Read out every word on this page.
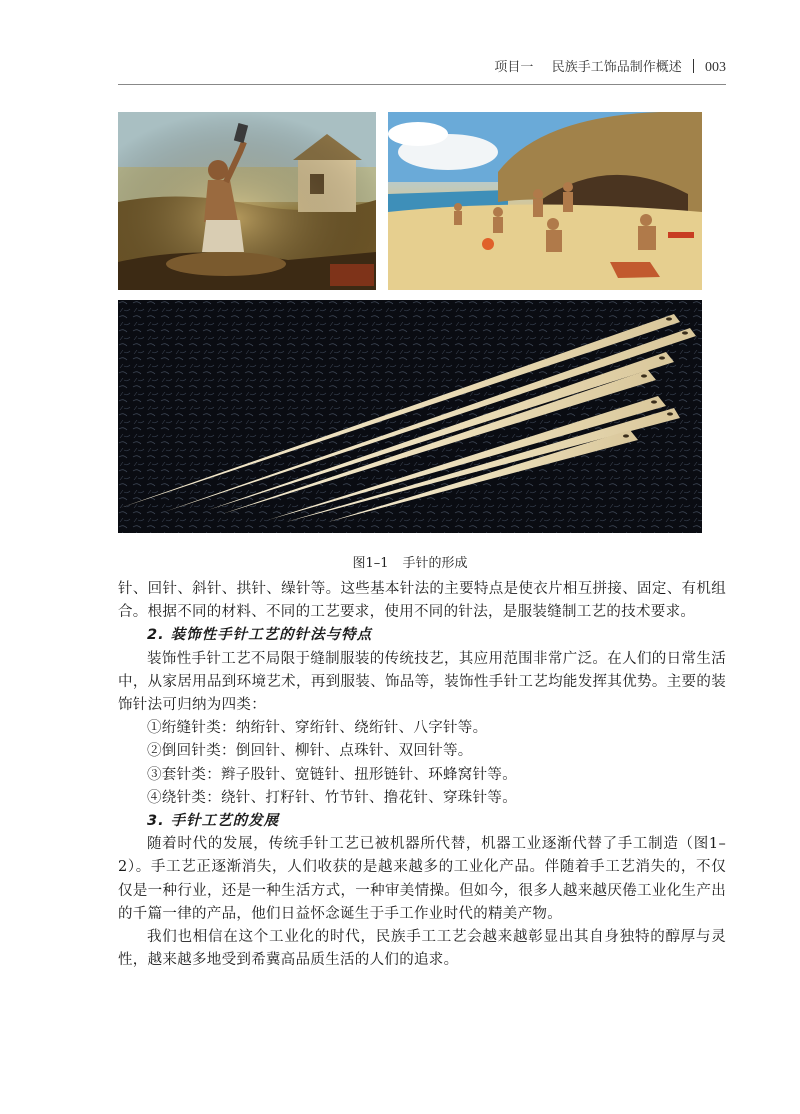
项目一 民族手工饰品制作概述 003
图1–1 手针的形成

针、回针、斜针、拱针、缲针等。这些基本针法的主要特点是使衣片相互拼接、固定、有机组合。根据不同的材料、不同的工艺要求，使用不同的针法，是服装缝制工艺的技术要求。

2. 装饰性手针工艺的针法与特点

装饰性手针工艺不局限于缝制服装的传统技艺，其应用范围非常广泛。在人们的日常生活中，从家居用品到环境艺术，再到服装、饰品等，装饰性手针工艺均能发挥其优势。主要的装饰针法可归纳为四类：

①绗缝针类：纳绗针、穿绗针、绕绗针、八字针等。

②倒回针类：倒回针、柳针、点珠针、双回针等。

③套针类：辫子股针、宽链针、扭形链针、环蜂窝针等。

④绕针类：绕针、打籽针、竹节针、撸花针、穿珠针等。

3. 手针工艺的发展

随着时代的发展，传统手针工艺已被机器所代替，机器工业逐渐代替了手工制造（图1–2）。手工艺正逐渐消失，人们收获的是越来越多的工业化产品。伴随着手工艺消失的，不仅仅是一种行业，还是一种生活方式，一种审美情操。但如今，很多人越来越厌倦工业化生产出的千篇一律的产品，他们日益怀念诞生于手工作业时代的精美产物。

我们也相信在这个工业化的时代，民族手工工艺会越来越彰显出其自身独特的醇厚与灵性，越来越多地受到希冀高品质生活的人们的追求。
